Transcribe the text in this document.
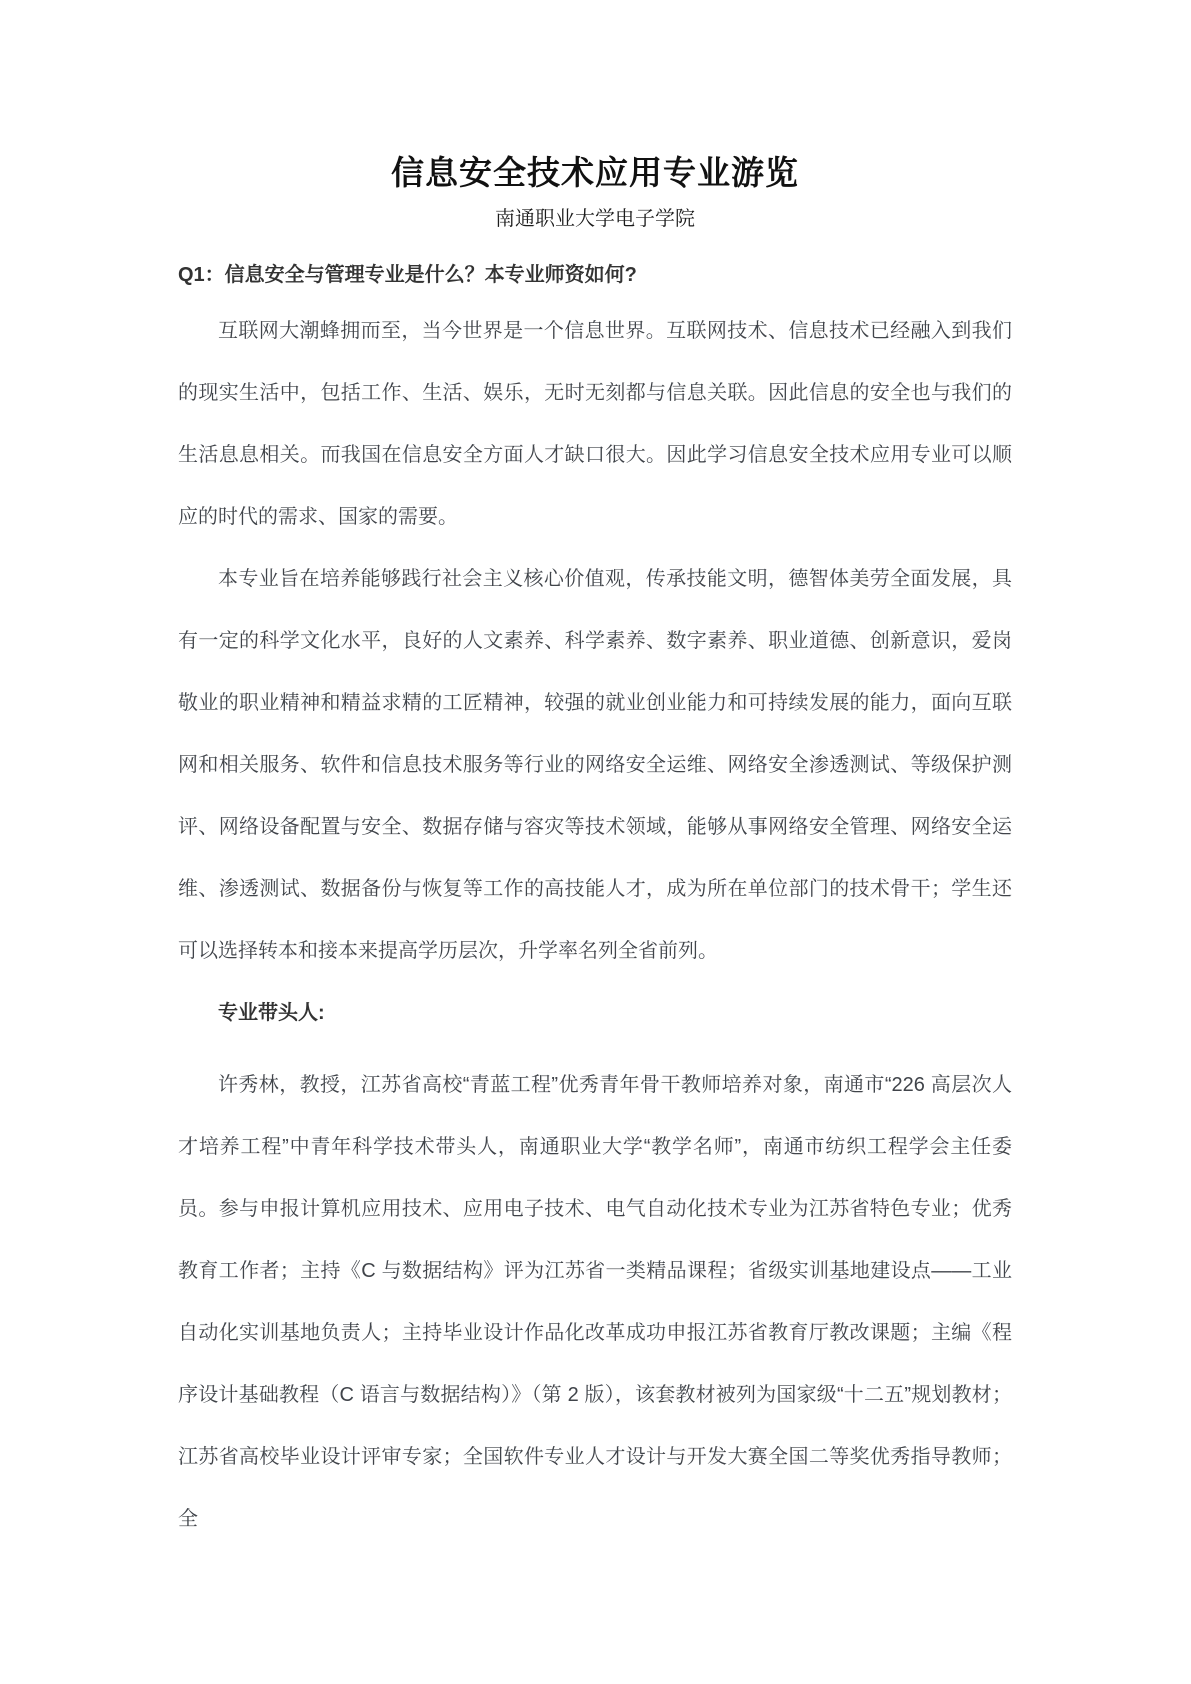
信息安全技术应用专业游览
南通职业大学电子学院
Q1：信息安全与管理专业是什么？本专业师资如何?

互联网大潮蜂拥而至，当今世界是一个信息世界。互联网技术、信息技术已经融入到我们的现实生活中，包括工作、生活、娱乐，无时无刻都与信息关联。因此信息的安全也与我们的生活息息相关。而我国在信息安全方面人才缺口很大。因此学习信息安全技术应用专业可以顺应的时代的需求、国家的需要。

本专业旨在培养能够践行社会主义核心价值观，传承技能文明，德智体美劳全面发展，具有一定的科学文化水平，良好的人文素养、科学素养、数字素养、职业道德、创新意识，爱岗敬业的职业精神和精益求精的工匠精神，较强的就业创业能力和可持续发展的能力，面向互联网和相关服务、软件和信息技术服务等行业的网络安全运维、网络安全渗透测试、等级保护测评、网络设备配置与安全、数据存储与容灾等技术领域，能够从事网络安全管理、网络安全运维、渗透测试、数据备份与恢复等工作的高技能人才，成为所在单位部门的技术骨干；学生还可以选择转本和接本来提高学历层次，升学率名列全省前列。

专业带头人:

许秀林，教授，江苏省高校“青蓝工程”优秀青年骨干教师培养对象，南通市“226 高层次人才培养工程”中青年科学技术带头人，南通职业大学“教学名师”，南通市纺织工程学会主任委员。参与申报计算机应用技术、应用电子技术、电气自动化技术专业为江苏省特色专业；优秀教育工作者；主持《C 与数据结构》评为江苏省一类精品课程；省级实训基地建设点——工业自动化实训基地负责人；主持毕业设计作品化改革成功申报江苏省教育厅教改课题；主编《程序设计基础教程（C 语言与数据结构）》（第 2 版），该套教材被列为国家级“十二五”规划教材；江苏省高校毕业设计评审专家；全国软件专业人才设计与开发大赛全国二等奖优秀指导教师；全
